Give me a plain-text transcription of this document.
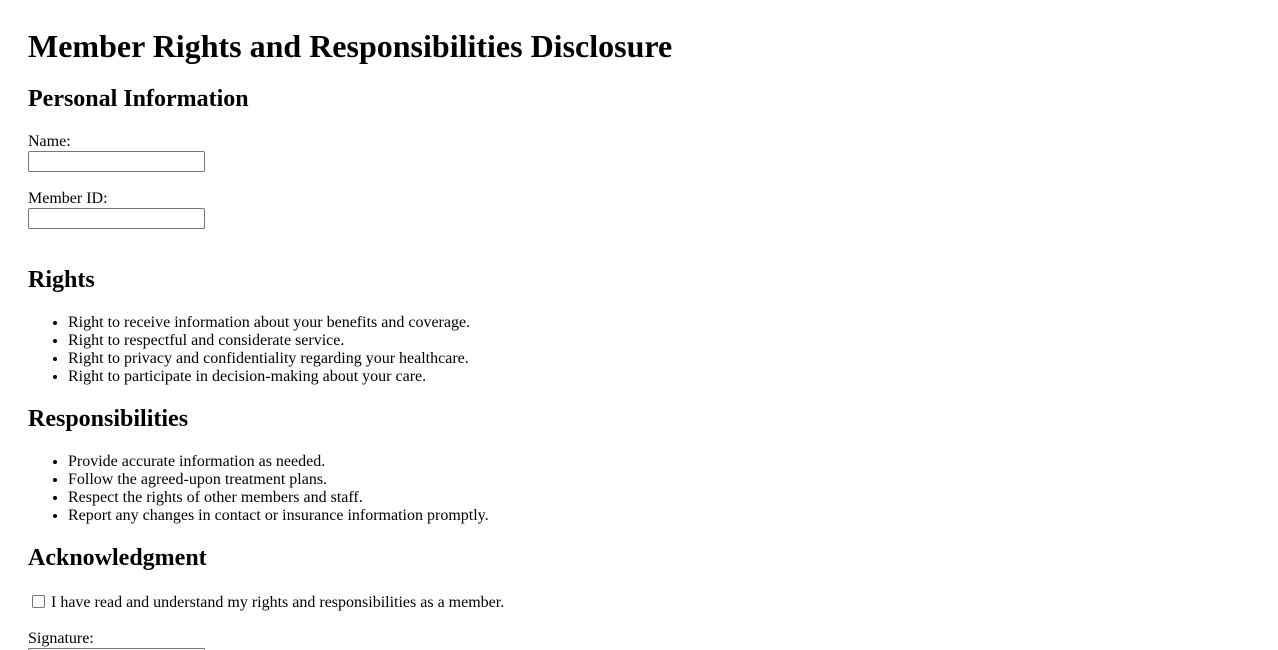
Member Rights and Responsibilities Disclosure
Personal Information
Name:
Member ID:
Rights
• Right to receive information about your benefits and coverage.
• Right to respectful and considerate service.
• Right to privacy and confidentiality regarding your healthcare.
• Right to participate in decision-making about your care.
Responsibilities
• Provide accurate information as needed.
• Follow the agreed-upon treatment plans.
• Respect the rights of other members and staff.
• Report any changes in contact or insurance information promptly.
Acknowledgment
I have read and understand my rights and responsibilities as a member.
Signature:
